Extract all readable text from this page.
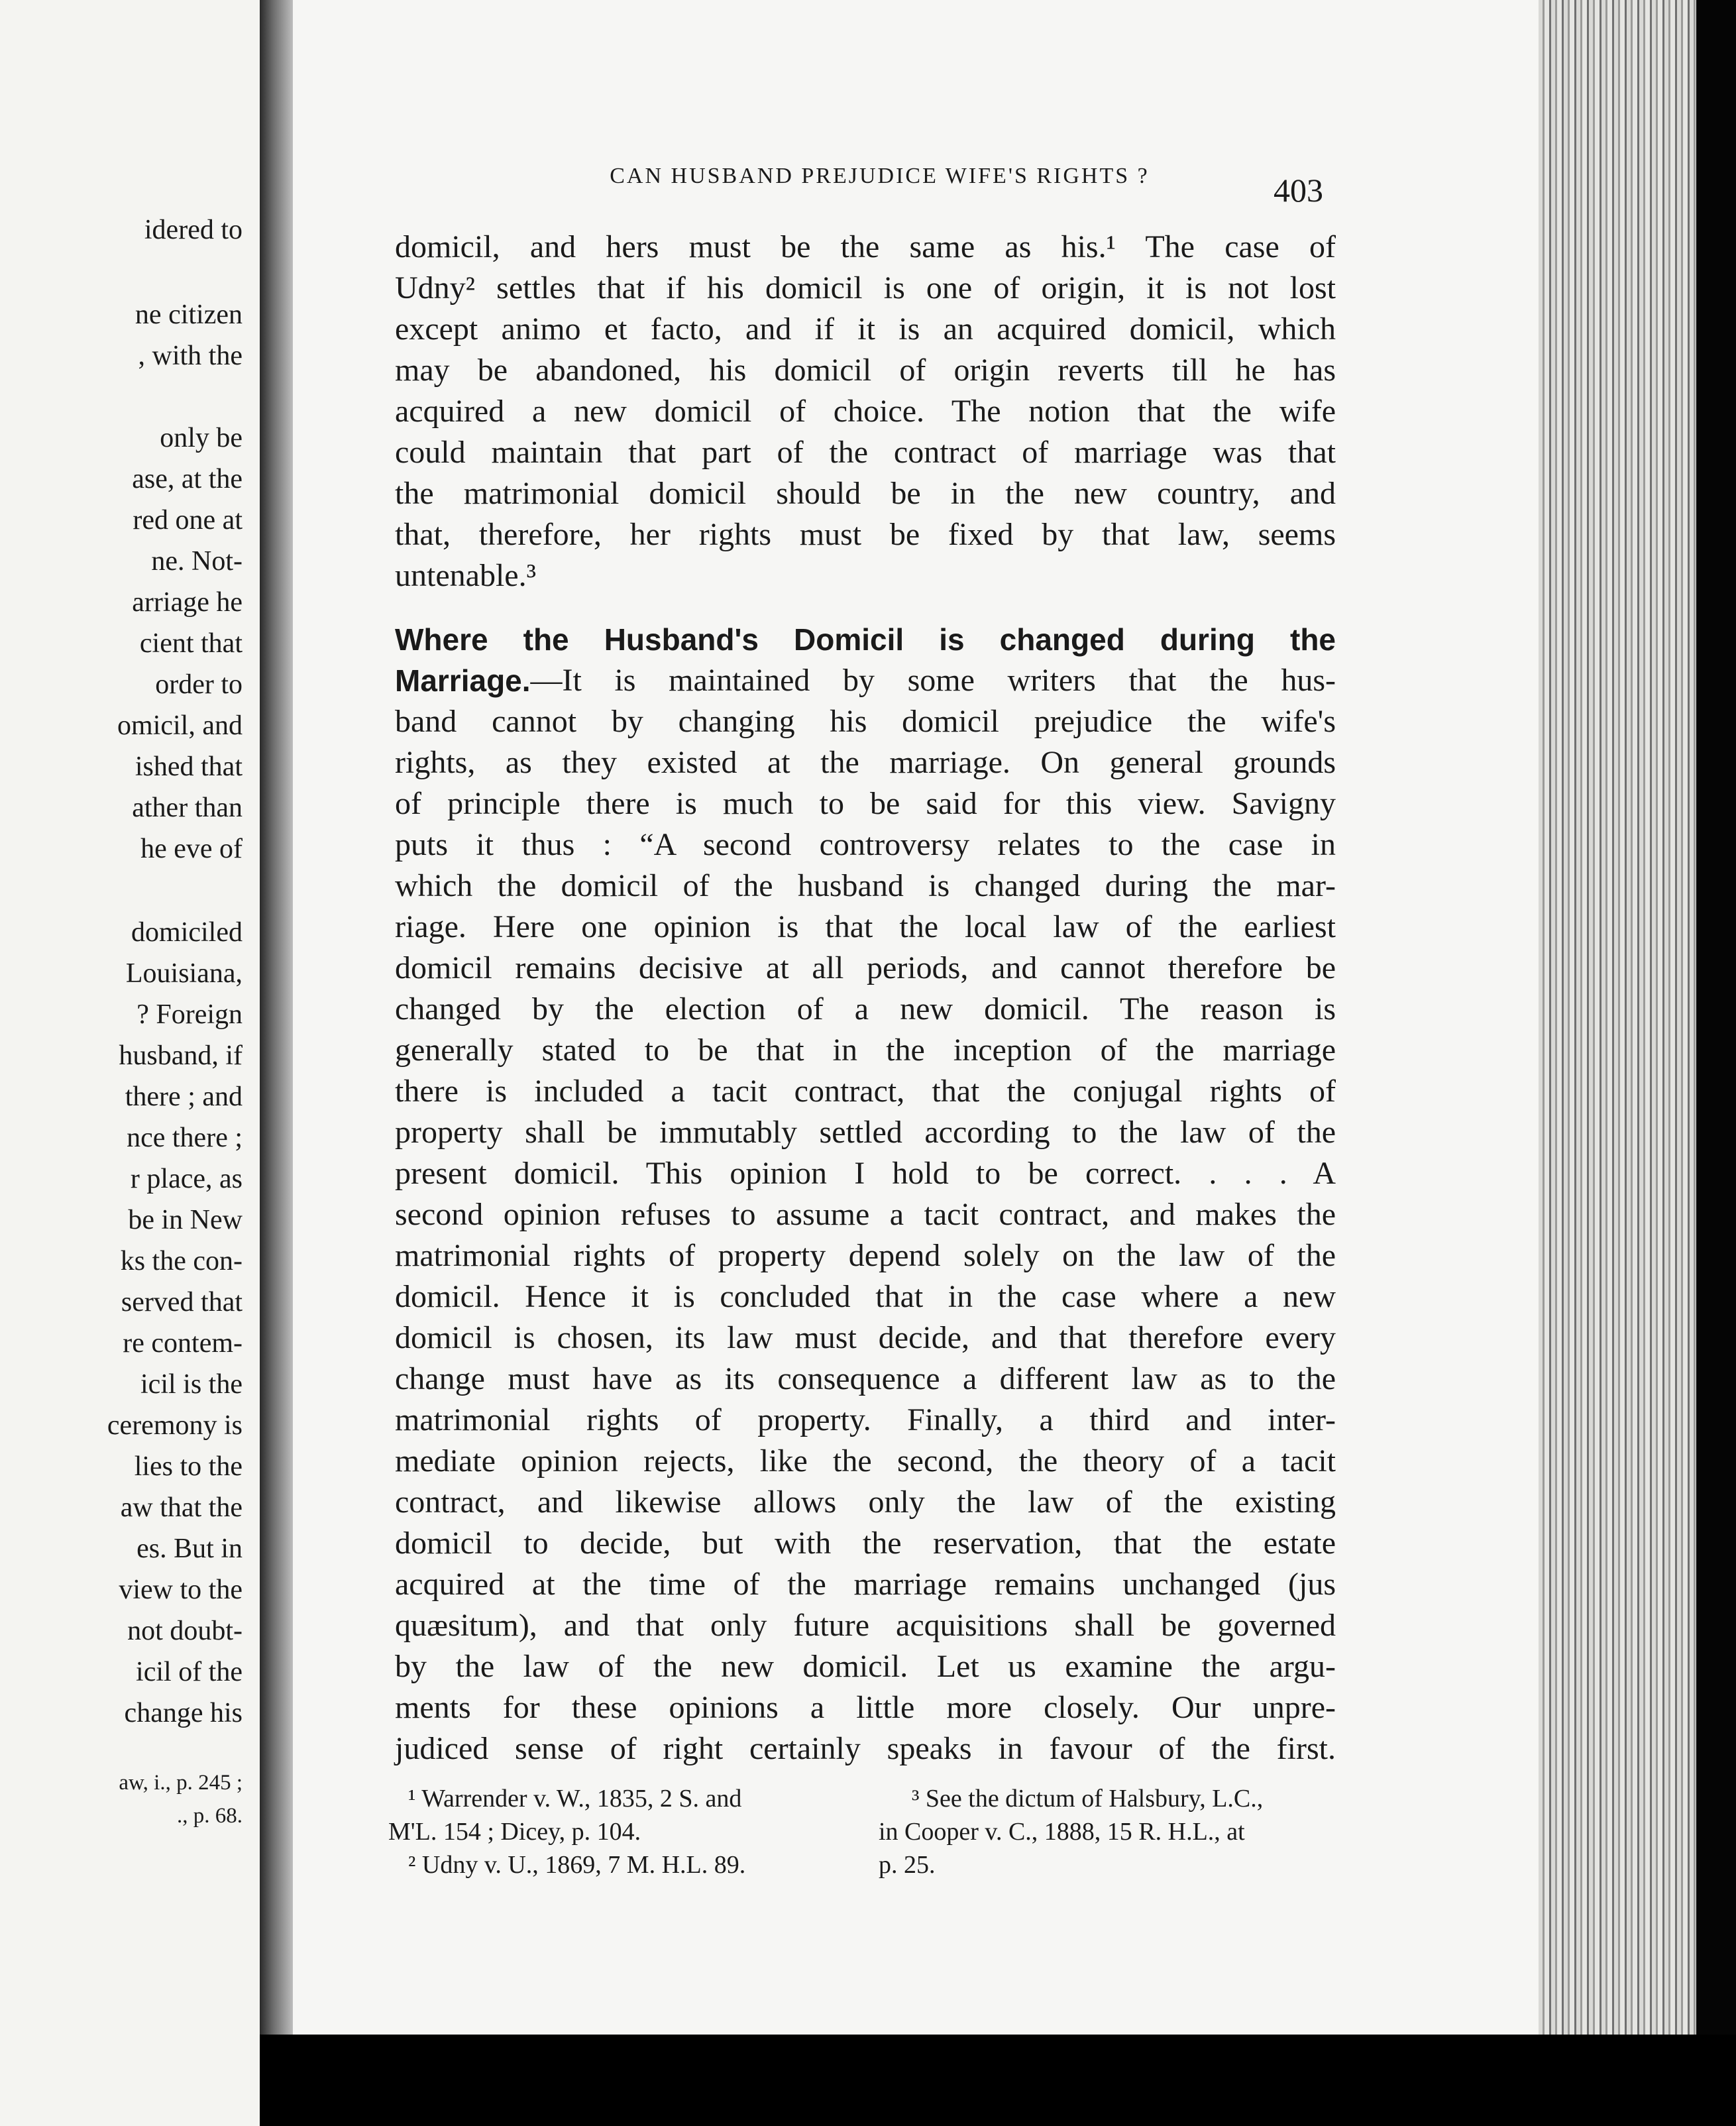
idered to
ne citizen
, with the
only be
ase, at the
red one at
ne. Not-
arriage he
cient that
order to
omicil, and
ished that
ather than
he eve of
domiciled
Louisiana,
? Foreign
husband, if
there ; and
nce there ;
r place, as
be in New
ks the con-
served that
re contem-
icil is the
ceremony is
lies to the
aw that the
es. But in
view to the
not doubt-
icil of the
change his
aw, i., p. 245 ;
., p. 68.
CAN HUSBAND PREJUDICE WIFE'S RIGHTS ?	403
domicil, and hers must be the same as his.¹ The case of
Udny² settles that if his domicil is one of origin, it is not lost
except animo et facto, and if it is an acquired domicil, which
may be abandoned, his domicil of origin reverts till he has
acquired a new domicil of choice. The notion that the wife
could maintain that part of the contract of marriage was that
the matrimonial domicil should be in the new country, and
that, therefore, her rights must be fixed by that law, seems
untenable.³
Where the Husband's Domicil is changed during the
Marriage. —It is maintained by some writers that the hus-
band cannot by changing his domicil prejudice the wife's
rights, as they existed at the marriage. On general grounds
of principle there is much to be said for this view. Savigny
puts it thus : “A second controversy relates to the case in
which the domicil of the husband is changed during the mar-
riage. Here one opinion is that the local law of the earliest
domicil remains decisive at all periods, and cannot therefore be
changed by the election of a new domicil. The reason is
generally stated to be that in the inception of the marriage
there is included a tacit contract, that the conjugal rights of
property shall be immutably settled according to the law of the
present domicil. This opinion I hold to be correct. . . . A
second opinion refuses to assume a tacit contract, and makes the
matrimonial rights of property depend solely on the law of the
domicil. Hence it is concluded that in the case where a new
domicil is chosen, its law must decide, and that therefore every
change must have as its consequence a different law as to the
matrimonial rights of property. Finally, a third and inter-
mediate opinion rejects, like the second, the theory of a tacit
contract, and likewise allows only the law of the existing
domicil to decide, but with the reservation, that the estate
acquired at the time of the marriage remains unchanged (jus
quæsitum), and that only future acquisitions shall be governed
by the law of the new domicil. Let us examine the argu-
ments for these opinions a little more closely. Our unpre-
judiced sense of right certainly speaks in favour of the first.
¹ Warrender v. W., 1835, 2 S. and
M'L. 154 ; Dicey, p. 104.
² Udny v. U., 1869, 7 M. H.L. 89.
³ See the dictum of Halsbury, L.C.,
in Cooper v. C., 1888, 15 R. H.L., at
p. 25.
